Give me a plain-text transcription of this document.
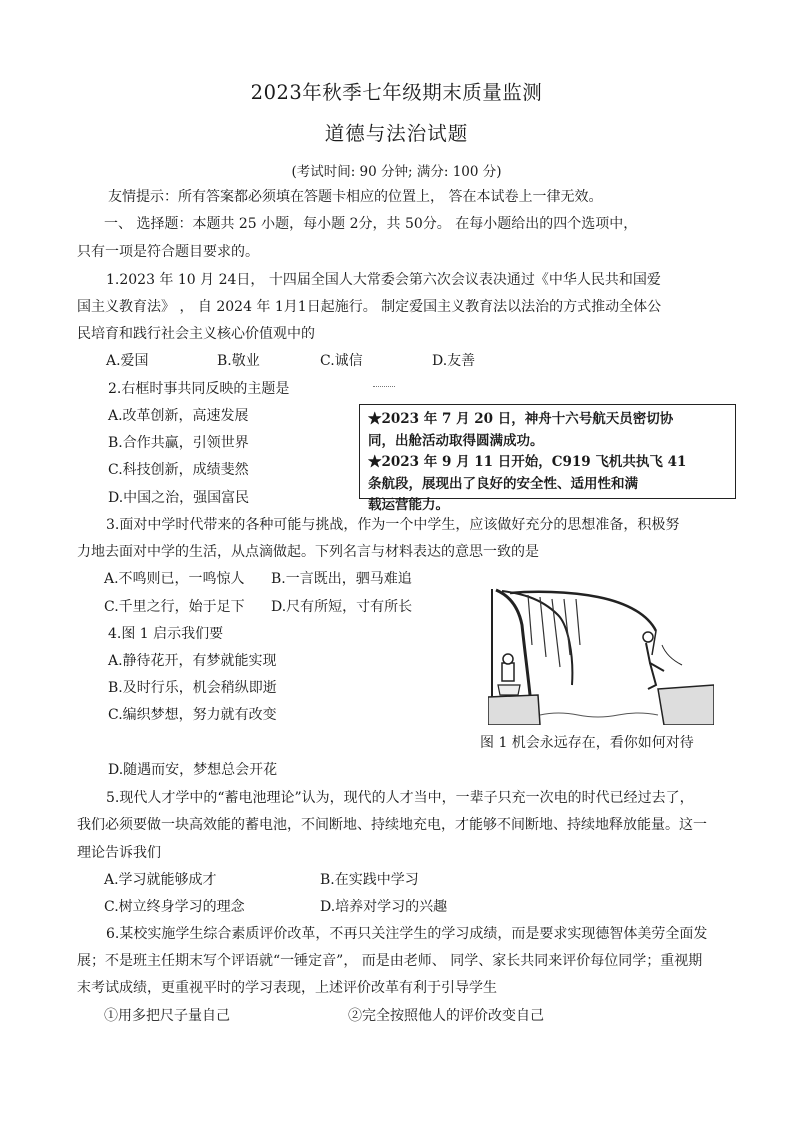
2023年秋季七年级期末质量监测
道德与法治试题
(考试时间: 90 分钟; 满分: 100 分)
友情提示：所有答案都必须填在答题卡相应的位置上， 答在本试卷上一律无效。
一、 选择题：本题共 25 小题，每小题 2分，共 50分。 在每小题给出的四个选项中，
只有一项是符合题目要求的。
1.2023 年 10 月 24日， 十四届全国人大常委会第六次会议表决通过《中华人民共和国爱
国主义教育法》 ， 自 2024 年 1月1日起施行。 制定爱国主义教育法以法治的方式推动全体公
民培育和践行社会主义核心价值观中的
A.爱国	B.敬业	C.诚信	D.友善
2.右框时事共同反映的主题是
A.改革创新，高速发展
B.合作共赢，引领世界
C.科技创新，成绩斐然
D.中国之治，强国富民
★2023 年 7 月 20 日，神舟十六号航天员密切协
同，出舱活动取得圆满成功。
★2023 年 9 月 11 日开始，C919 飞机共执飞 41
条航段，展现出了良好的安全性、适用性和满
载运营能力。
3.面对中学时代带来的各种可能与挑战，作为一个中学生，应该做好充分的思想准备，积极努
力地去面对中学的生活，从点滴做起。下列名言与材料表达的意思一致的是
A.不鸣则已，一鸣惊人 B.一言既出，驷马难追
C.千里之行，始于足下 D.尺有所短，寸有所长
4.图 1 启示我们要
A.静待花开，有梦就能实现
B.及时行乐，机会稍纵即逝
C.编织梦想，努力就有改变
D.随遇而安，梦想总会开花
图 1 机会永远存在，看你如何对待
5.现代人才学中的“蓄电池理论”认为，现代的人才当中，一辈子只充一次电的时代已经过去了，
我们必须要做一块高效能的蓄电池，不间断地、持续地充电，才能够不间断地、持续地释放能量。这一
理论告诉我们
A.学习就能够成才	B.在实践中学习
C.树立终身学习的理念	D.培养对学习的兴趣
6.某校实施学生综合素质评价改革，不再只关注学生的学习成绩，而是要求实现德智体美劳全面发
展；不是班主任期末写个评语就“一锤定音”， 而是由老师、 同学、家长共同来评价每位同学；重视期
末考试成绩，更重视平时的学习表现，上述评价改革有利于引导学生
①用多把尺子量自己	②完全按照他人的评价改变自己
